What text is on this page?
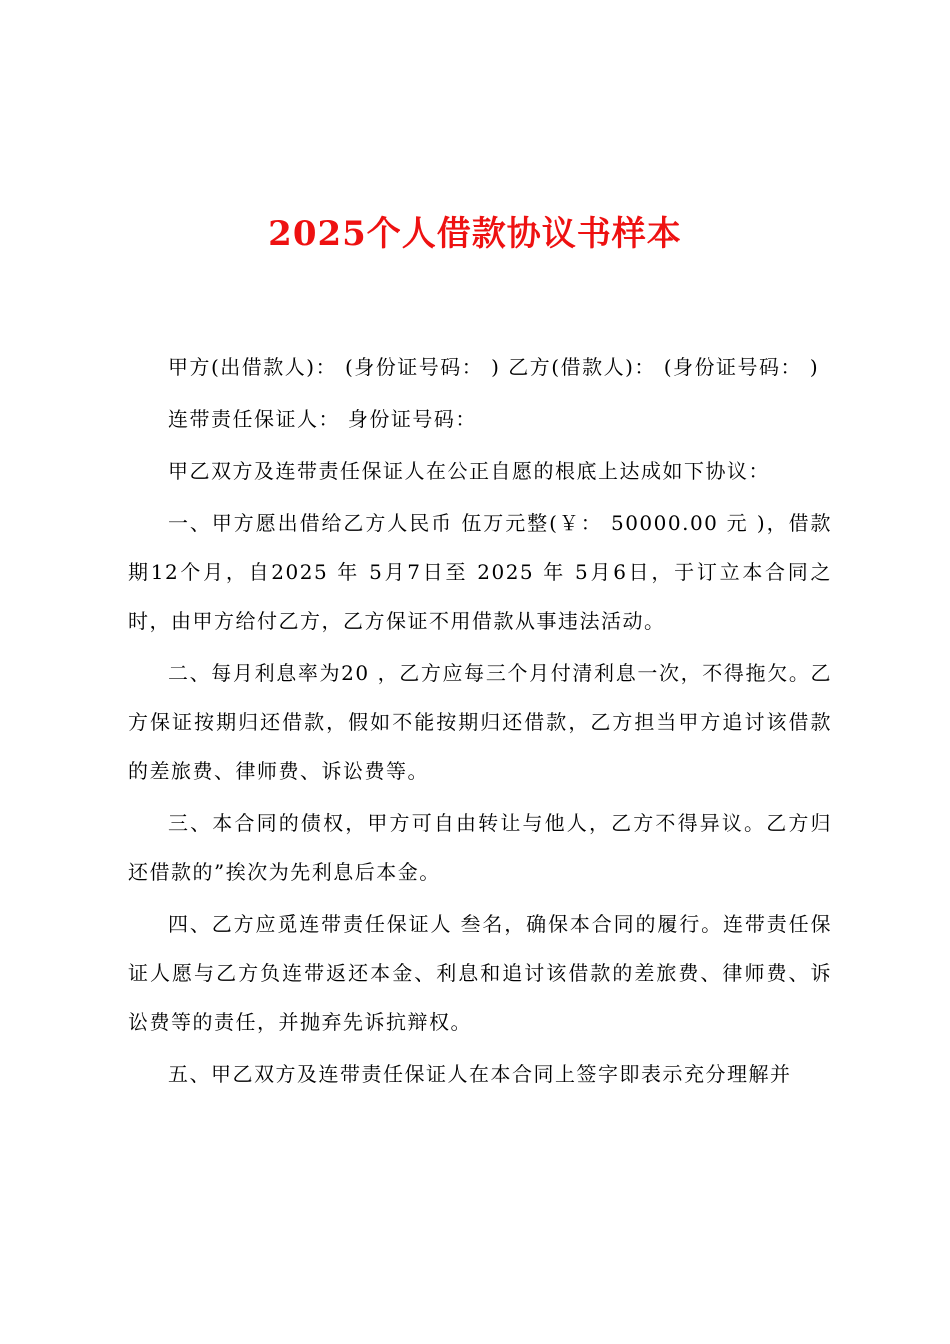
2025个人借款协议书样本

甲方(出借款人)： (身份证号码： ) 乙方(借款人)： (身份证号码： )

连带责任保证人： 身份证号码：

甲乙双方及连带责任保证人在公正自愿的根底上达成如下协议：

一、甲方愿出借给乙方人民币 伍万元整(￥： 50000.00 元 )，借款期12个月，自2025 年 5月7日至 2025 年 5月6日，于订立本合同之时，由甲方给付乙方，乙方保证不用借款从事违法活动。

二、每月利息率为20 ，乙方应每三个月付清利息一次，不得拖欠。乙方保证按期归还借款，假如不能按期归还借款，乙方担当甲方追讨该借款的差旅费、律师费、诉讼费等。

三、本合同的债权，甲方可自由转让与他人，乙方不得异议。乙方归还借款的”挨次为先利息后本金。

四、乙方应觅连带责任保证人 叁名，确保本合同的履行。连带责任保证人愿与乙方负连带返还本金、利息和追讨该借款的差旅费、律师费、诉讼费等的责任，并抛弃先诉抗辩权。

五、甲乙双方及连带责任保证人在本合同上签字即表示充分理解并
